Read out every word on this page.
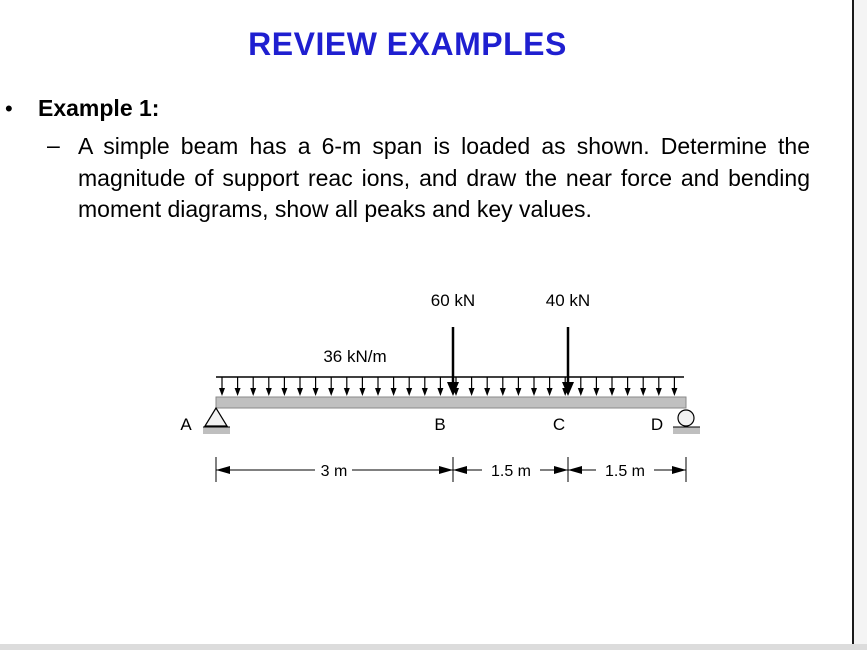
REVIEW EXAMPLES
• Example 1:
– A simple beam has a 6-m span is loaded as shown. Determine the magnitude of support reac ions, and draw the near force and bending moment diagrams, show all peaks and key values.
36 kN/m
60 kN	40 kN
A	B	C	D
3 m	1.5 m	1.5 m
